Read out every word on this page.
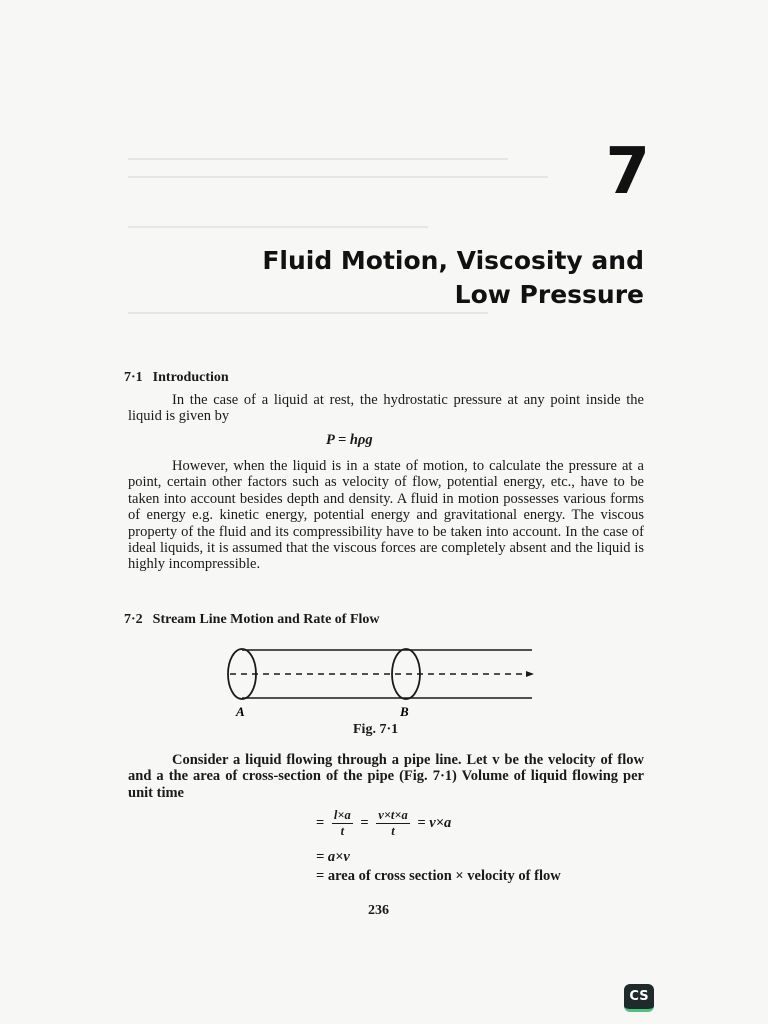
7
Fluid Motion, Viscosity and
Low Pressure
7·1 Introduction

In the case of a liquid at rest, the hydrostatic pressure at any point inside the liquid is given by

P = hρg

However, when the liquid is in a state of motion, to calculate the pressure at a point, certain other factors such as velocity of flow, potential energy, etc., have to be taken into account besides depth and density. A fluid in motion possesses various forms of energy e.g. kinetic energy, potential energy and gravitational energy. The viscous property of the fluid and its compressibility have to be taken into account. In the case of ideal liquids, it is assumed that the viscous forces are completely absent and the liquid is highly incompressible.

7·2 Stream Line Motion and Rate of Flow
A	B
Fig. 7·1

Consider a liquid flowing through a pipe line. Let v be the velocity of flow and a the area of cross-section of the pipe (Fig. 7·1) Volume of liquid flowing per unit time

= $\frac{l\times a}{t} = \frac{v\times t\times a}{t} = v\times a$
= a×v
= area of cross section × velocity of flow
236
CS
